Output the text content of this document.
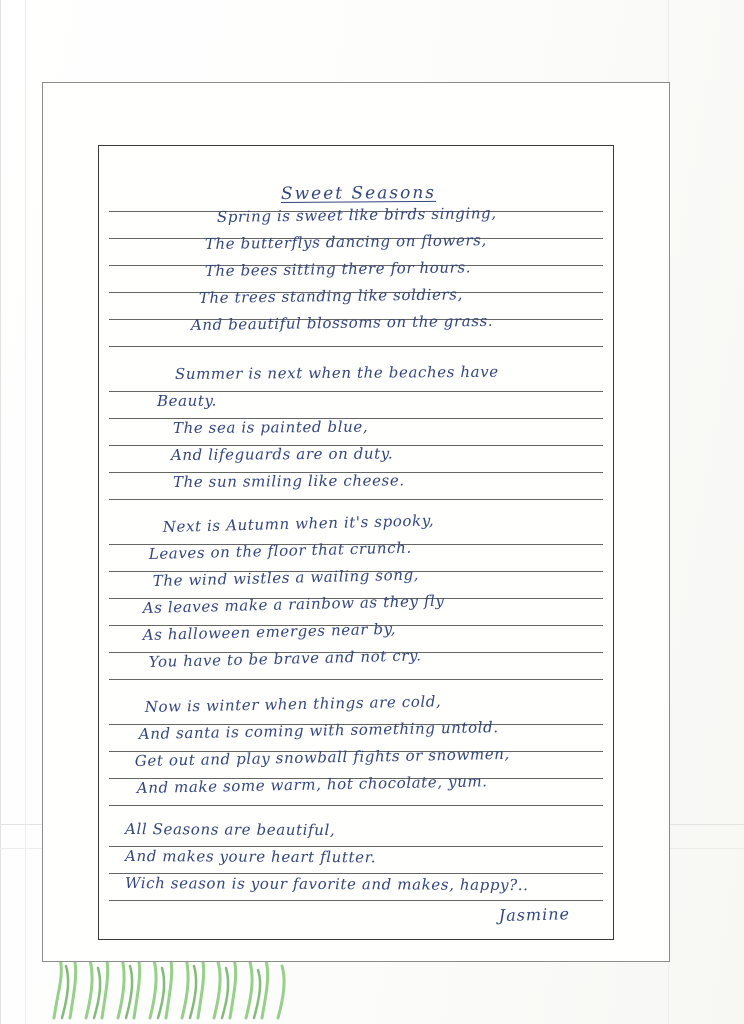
Sweet Seasons
Spring is sweet like birds singing,
The butterflys dancing on flowers,
The bees sitting there for hours.
The trees standing like soldiers,
And beautiful blossoms on the grass.
Summer is next when the beaches have
Beauty.
The sea is painted blue,
And lifeguards are on duty.
The sun smiling like cheese.
Next is Autumn when it's spooky,
Leaves on the floor that crunch.
The wind wistles a wailing song,
As leaves make a rainbow as they fly
As halloween emerges near by,
You have to be brave and not cry.
Now is winter when things are cold,
And santa is coming with something untold.
Get out and play snowball fights or snowmen,
And make some warm, hot chocolate, yum.
All Seasons are beautiful,
And makes youre heart flutter.
Wich season is your favorite and makes, happy?..
Jasmine
